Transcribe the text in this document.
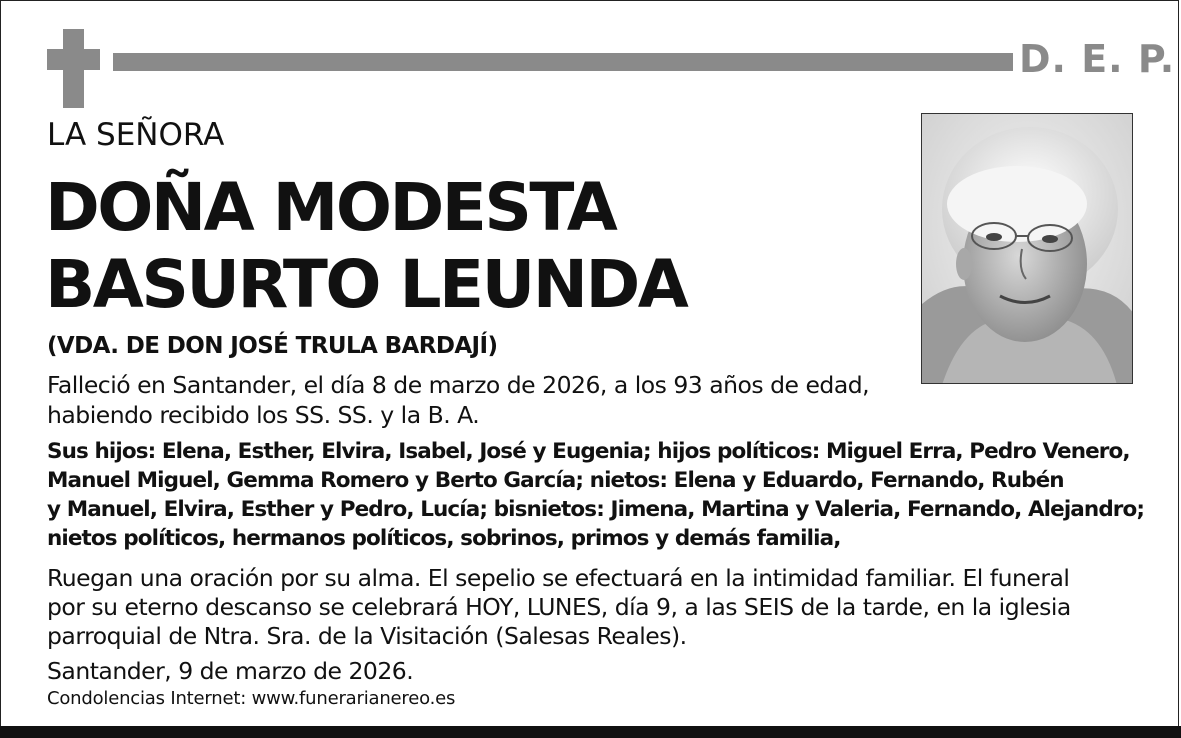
D. E. P.
LA SEÑORA
DOÑA MODESTA
BASURTO LEUNDA
(VDA. DE DON JOSÉ TRULA BARDAJÍ)
Falleció en Santander, el día 8 de marzo de 2026, a los 93 años de edad,
habiendo recibido los SS. SS. y la B. A.
Sus hijos: Elena, Esther, Elvira, Isabel, José y Eugenia; hijos políticos: Miguel Erra, Pedro Venero,
Manuel Miguel, Gemma Romero y Berto García; nietos: Elena y Eduardo, Fernando, Rubén
y Manuel, Elvira, Esther y Pedro, Lucía; bisnietos: Jimena, Martina y Valeria, Fernando, Alejandro;
nietos políticos, hermanos políticos, sobrinos, primos y demás familia,
Ruegan una oración por su alma. El sepelio se efectuará en la intimidad familiar. El funeral
por su eterno descanso se celebrará HOY, LUNES, día 9, a las SEIS de la tarde, en la iglesia
parroquial de Ntra. Sra. de la Visitación (Salesas Reales).
Santander, 9 de marzo de 2026.
Condolencias Internet: www.funerarianereo.es
